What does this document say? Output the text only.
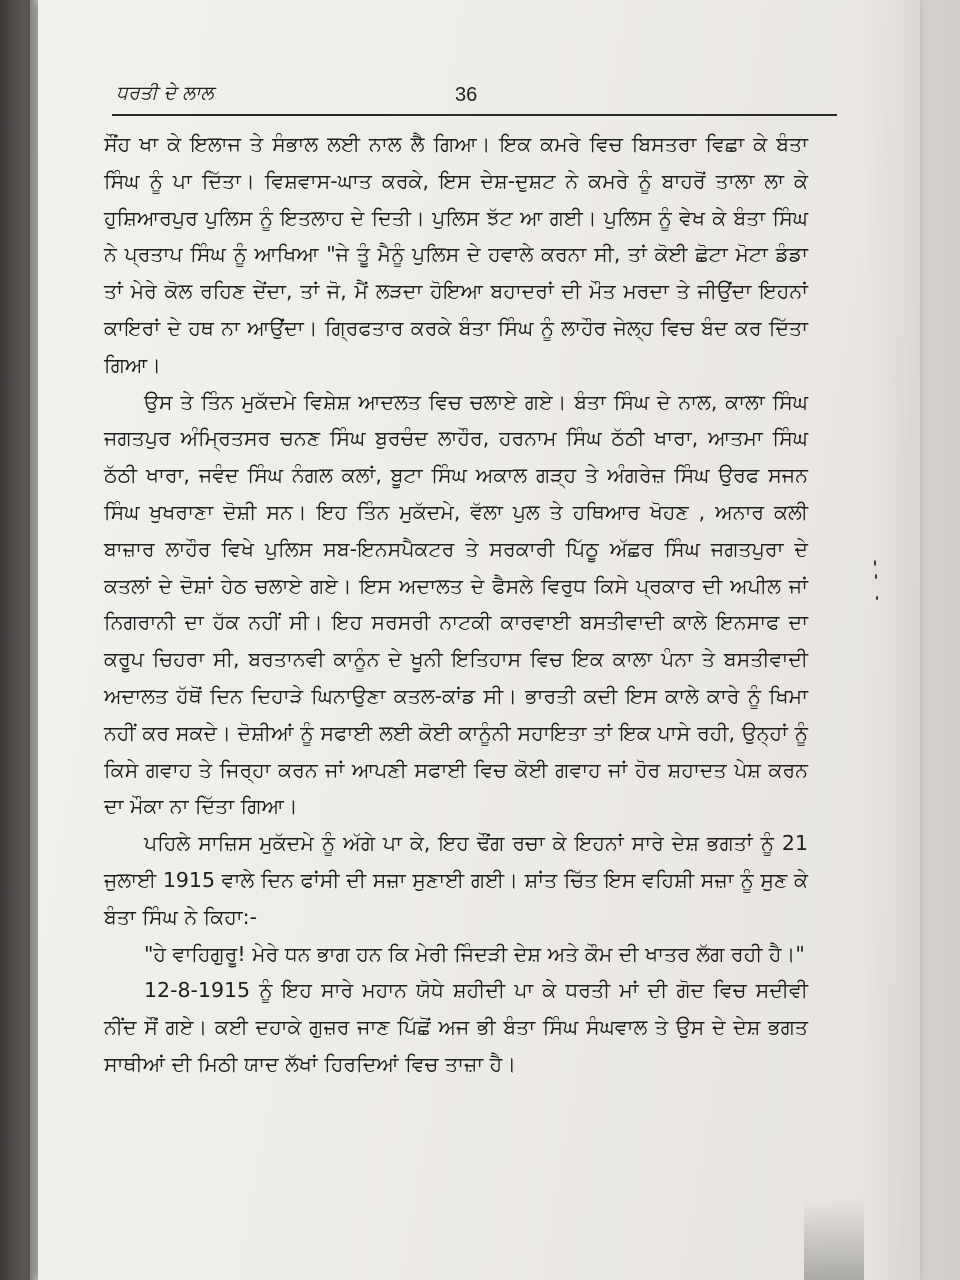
ਧਰਤੀ ਦੇ ਲਾਲ	36

ਸੌਂਹ ਖਾ ਕੇ ਇਲਾਜ ਤੇ ਸੰਭਾਲ ਲਈ ਨਾਲ ਲੈ ਗਿਆ। ਇਕ ਕਮਰੇ ਵਿਚ ਬਿਸਤਰਾ ਵਿਛਾ ਕੇ ਬੰਤਾ ਸਿੰਘ ਨੂੰ ਪਾ ਦਿੱਤਾ। ਵਿਸ਼ਵਾਸ-ਘਾਤ ਕਰਕੇ, ਇਸ ਦੇਸ਼-ਦੁਸ਼ਟ ਨੇ ਕਮਰੇ ਨੂੰ ਬਾਹਰੋਂ ਤਾਲਾ ਲਾ ਕੇ ਹੁਸ਼ਿਆਰਪੁਰ ਪੁਲਿਸ ਨੂੰ ਇਤਲਾਹ ਦੇ ਦਿਤੀ। ਪੁਲਿਸ ਝੱਟ ਆ ਗਈ। ਪੁਲਿਸ ਨੂੰ ਵੇਖ ਕੇ ਬੰਤਾ ਸਿੰਘ ਨੇ ਪ੍ਰਤਾਪ ਸਿੰਘ ਨੂੰ ਆਖਿਆ "ਜੇ ਤੂੰ ਮੈਨੂੰ ਪੁਲਿਸ ਦੇ ਹਵਾਲੇ ਕਰਨਾ ਸੀ, ਤਾਂ ਕੋਈ ਛੋਟਾ ਮੋਟਾ ਡੰਡਾ ਤਾਂ ਮੇਰੇ ਕੋਲ ਰਹਿਣ ਦੇਂਦਾ, ਤਾਂ ਜੋ, ਮੈਂ ਲੜਦਾ ਹੋਇਆ ਬਹਾਦਰਾਂ ਦੀ ਮੌਤ ਮਰਦਾ ਤੇ ਜੀਉਂਦਾ ਇਹਨਾਂ ਕਾਇਰਾਂ ਦੇ ਹਥ ਨਾ ਆਉਂਦਾ। ਗ੍ਰਿਫਤਾਰ ਕਰਕੇ ਬੰਤਾ ਸਿੰਘ ਨੂੰ ਲਾਹੌਰ ਜੇਲ੍ਹ ਵਿਚ ਬੰਦ ਕਰ ਦਿੱਤਾ ਗਿਆ।

ਉਸ ਤੇ ਤਿੰਨ ਮੁਕੱਦਮੇ ਵਿਸ਼ੇਸ਼ ਆਦਲਤ ਵਿਚ ਚਲਾਏ ਗਏ। ਬੰਤਾ ਸਿੰਘ ਦੇ ਨਾਲ, ਕਾਲਾ ਸਿੰਘ ਜਗਤਪੁਰ ਅੰਮ੍ਰਿਤਸਰ ਚਨਣ ਸਿੰਘ ਬੁਰਚੰਦ ਲਾਹੌਰ, ਹਰਨਾਮ ਸਿੰਘ ਠੱਠੀ ਖਾਰਾ, ਆਤਮਾ ਸਿੰਘ ਠੱਠੀ ਖਾਰਾ, ਜਵੰਦ ਸਿੰਘ ਨੰਗਲ ਕਲਾਂ, ਬੂਟਾ ਸਿੰਘ ਅਕਾਲ ਗੜ੍ਹ ਤੇ ਅੰਗਰੇਜ਼ ਸਿੰਘ ਉਰਫ ਸਜਨ ਸਿੰਘ ਖੁਖਰਾਣਾ ਦੋਸ਼ੀ ਸਨ। ਇਹ ਤਿੰਨ ਮੁਕੱਦਮੇ, ਵੱਲਾ ਪੁਲ ਤੇ ਹਥਿਆਰ ਖੋਹਣ , ਅਨਾਰ ਕਲੀ ਬਾਜ਼ਾਰ ਲਾਹੌਰ ਵਿਖੇ ਪੁਲਿਸ ਸਬ-ਇਨਸਪੈਕਟਰ ਤੇ ਸਰਕਾਰੀ ਪਿੱਠੂ ਅੱਛਰ ਸਿੰਘ ਜਗਤਪੁਰਾ ਦੇ ਕਤਲਾਂ ਦੇ ਦੋਸ਼ਾਂ ਹੇਠ ਚਲਾਏ ਗਏ। ਇਸ ਅਦਾਲਤ ਦੇ ਫੈਸਲੇ ਵਿਰੁਧ ਕਿਸੇ ਪ੍ਰਕਾਰ ਦੀ ਅਪੀਲ ਜਾਂ ਨਿਗਰਾਨੀ ਦਾ ਹੱਕ ਨਹੀਂ ਸੀ। ਇਹ ਸਰਸਰੀ ਨਾਟਕੀ ਕਾਰਵਾਈ ਬਸਤੀਵਾਦੀ ਕਾਲੇ ਇਨਸਾਫ ਦਾ ਕਰੂਪ ਚਿਹਰਾ ਸੀ, ਬਰਤਾਨਵੀ ਕਾਨੂੰਨ ਦੇ ਖੂਨੀ ਇਤਿਹਾਸ ਵਿਚ ਇਕ ਕਾਲਾ ਪੰਨਾ ਤੇ ਬਸਤੀਵਾਦੀ ਅਦਾਲਤ ਹੱਥੋਂ ਦਿਨ ਦਿਹਾੜੇ ਘਿਨਾਉਣਾ ਕਤਲ-ਕਾਂਡ ਸੀ। ਭਾਰਤੀ ਕਦੀ ਇਸ ਕਾਲੇ ਕਾਰੇ ਨੂੰ ਖਿਮਾ ਨਹੀਂ ਕਰ ਸਕਦੇ। ਦੋਸ਼ੀਆਂ ਨੂੰ ਸਫਾਈ ਲਈ ਕੋਈ ਕਾਨੂੰਨੀ ਸਹਾਇਤਾ ਤਾਂ ਇਕ ਪਾਸੇ ਰਹੀ, ਉਨ੍ਹਾਂ ਨੂੰ ਕਿਸੇ ਗਵਾਹ ਤੇ ਜਿਰ੍ਹਾ ਕਰਨ ਜਾਂ ਆਪਣੀ ਸਫਾਈ ਵਿਚ ਕੋਈ ਗਵਾਹ ਜਾਂ ਹੋਰ ਸ਼ਹਾਦਤ ਪੇਸ਼ ਕਰਨ ਦਾ ਮੌਕਾ ਨਾ ਦਿੱਤਾ ਗਿਆ।

ਪਹਿਲੇ ਸਾਜ਼ਿਸ ਮੁਕੱਦਮੇ ਨੂੰ ਅੱਗੇ ਪਾ ਕੇ, ਇਹ ਢੌਂਗ ਰਚਾ ਕੇ ਇਹਨਾਂ ਸਾਰੇ ਦੇਸ਼ ਭਗਤਾਂ ਨੂੰ 21 ਜੁਲਾਈ 1915 ਵਾਲੇ ਦਿਨ ਫਾਂਸੀ ਦੀ ਸਜ਼ਾ ਸੁਣਾਈ ਗਈ। ਸ਼ਾਂਤ ਚਿੱਤ ਇਸ ਵਹਿਸ਼ੀ ਸਜ਼ਾ ਨੂੰ ਸੁਣ ਕੇ ਬੰਤਾ ਸਿੰਘ ਨੇ ਕਿਹਾ:-

"ਹੇ ਵਾਹਿਗੁਰੂ! ਮੇਰੇ ਧਨ ਭਾਗ ਹਨ ਕਿ ਮੇਰੀ ਜਿੰਦੜੀ ਦੇਸ਼ ਅਤੇ ਕੌਮ ਦੀ ਖਾਤਰ ਲੱਗ ਰਹੀ ਹੈ।"

12-8-1915 ਨੂੰ ਇਹ ਸਾਰੇ ਮਹਾਨ ਯੋਧੇ ਸ਼ਹੀਦੀ ਪਾ ਕੇ ਧਰਤੀ ਮਾਂ ਦੀ ਗੋਦ ਵਿਚ ਸਦੀਵੀ ਨੀਂਦ ਸੌਂ ਗਏ। ਕਈ ਦਹਾਕੇ ਗੁਜ਼ਰ ਜਾਣ ਪਿੱਛੋਂ ਅਜ ਭੀ ਬੰਤਾ ਸਿੰਘ ਸੰਘਵਾਲ ਤੇ ਉਸ ਦੇ ਦੇਸ਼ ਭਗਤ ਸਾਥੀਆਂ ਦੀ ਮਿਠੀ ਯਾਦ ਲੱਖਾਂ ਹਿਰਦਿਆਂ ਵਿਚ ਤਾਜ਼ਾ ਹੈ।
